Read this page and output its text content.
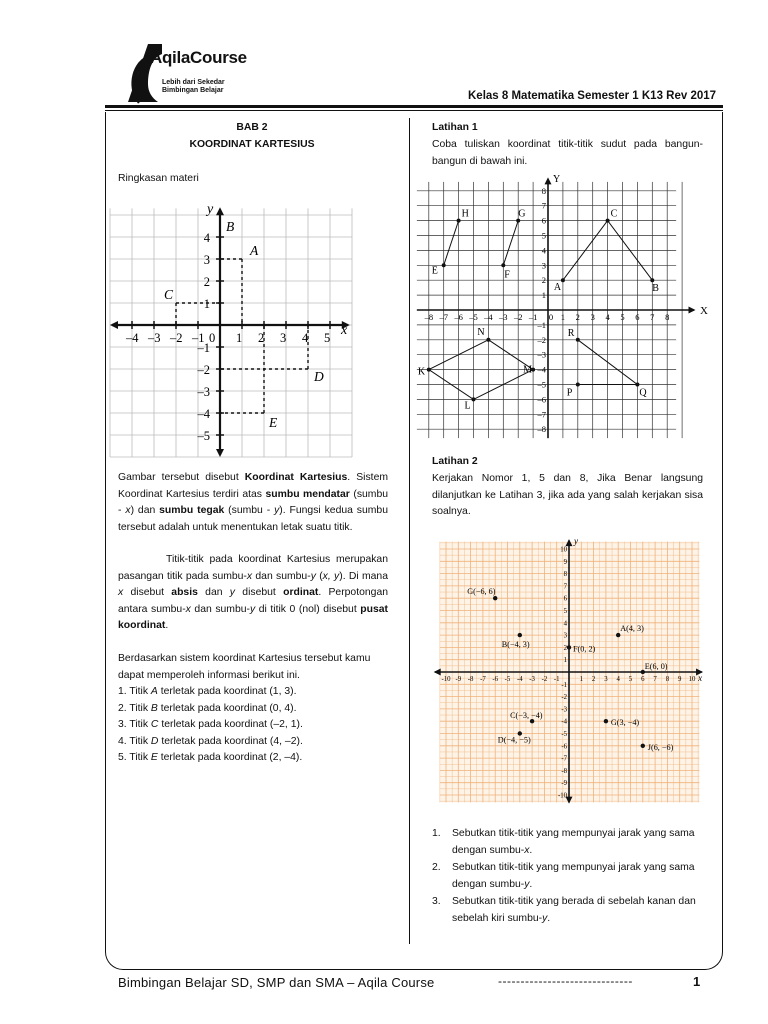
AqilaCourse
Lebih dari Sekedar
Bimbingan Belajar	Kelas 8 Matematika Semester 1 K13 Rev 2017
BAB 2
KOORDINAT KARTESIUS
Ringkasan materi
x
y
–4 –3 –2 –1 0 1 2 3 4 5
4
3
2
1
–1
–2
–3
–4
–5
A
B
C
D
E
Gambar tersebut disebut Koordinat Kartesius. Sistem Koordinat Kartesius terdiri atas sumbu mendatar (sumbu - x) dan sumbu tegak (sumbu - y). Fungsi kedua sumbu tersebut adalah untuk menentukan letak suatu titik.
Titik-titik pada koordinat Kartesius merupakan pasangan titik pada sumbu-x dan sumbu-y (x, y). Di mana x disebut absis dan y disebut ordinat. Perpotongan antara sumbu-x dan sumbu-y di titik 0 (nol) disebut pusat koordinat.
Berdasarkan sistem koordinat Kartesius tersebut kamu dapat memperoleh informasi berikut ini.
1. Titik A terletak pada koordinat (1, 3).
2. Titik B terletak pada koordinat (0, 4).
3. Titik C terletak pada koordinat (–2, 1).
4. Titik D terletak pada koordinat (4, –2).
5. Titik E terletak pada koordinat (2, –4).
Latihan 1
Coba tuliskan koordinat titik-titik sudut pada bangun-bangun di bawah ini.
X
Y
–8 –7 –6 –5 –4 –3 –2 –1 0 1 2 3 4 5 6 7 8
8
7
6
5
4
3
2
1
–1
–2
–3
–4
–5
–6
–7
–8
H
E
G
F
C
A	B
N
K	M
L
R
P	Q
Latihan 2
Kerjakan Nomor 1, 5 dan 8, Jika Benar langsung dilanjutkan ke Latihan 3, jika ada yang salah kerjakan sisa soalnya.
x
y
-10 -9 -8 -7 -6 -5 -4 -3 -2 -1	1 2 3 4 5 6 7 8 9 10
10
9
8
7
6
5
4
3
2
1
-1
-2
-3
-4
-5
-6
-7
-8
-9
-10
G(−6, 6)
B(−4, 3)	F(0, 2)
A(4, 3)
E(6, 0)
C(−3, −4)
D(−4, −5)
G(3, −4)
J(6, −6)
1.	Sebutkan titik-titik yang mempunyai jarak yang sama dengan sumbu-x.
2.	Sebutkan titik-titik yang mempunyai jarak yang sama dengan sumbu-y.
3.	Sebutkan titik-titik yang berada di sebelah kanan dan sebelah kiri sumbu-y.
Bimbingan Belajar SD, SMP dan SMA – Aqila Course	------------------------------	1
